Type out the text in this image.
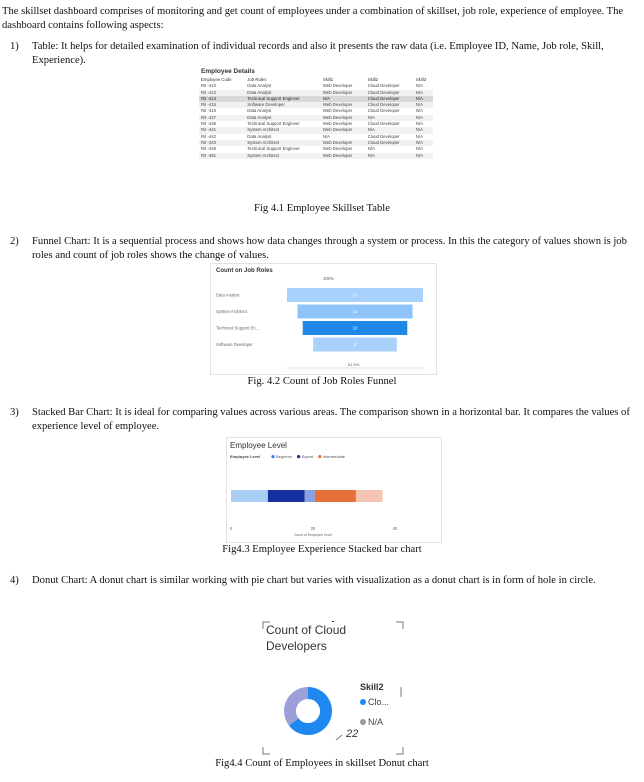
The skillset dashboard comprises of monitoring and get count of employees under a combination of skillset, job role, experience of employee. The dashboard contains following aspects:
1) Table: It helps for detailed examination of individual records and also it presents the raw data (i.e. Employee ID, Name, Job role, Skill, Experience).
Employee Details
Employee Code	Job Roles	Skill1	Skill2	Skill3
Rit -410	Data Analyst	Web Developer	Cloud Developer	N/A
Rit -412	Data Analyst	Web Developer	Cloud Developer	N/A
Rit -413	Technical Support Engineer	N/A	Cloud Developer	N/A
Rit -415	Software Developer	Web Developer	Cloud Developer	N/A
Rit -419	Data Analyst	Web Developer	Cloud Developer	N/A
Rit -427	Data Analyst	Web Developer	N/A	N/A
Rit -436	Technical Support Engineer	Web Developer	Cloud Developer	N/A
Rit -441	System Architect	Web Developer	N/A	N/A
Rit -442	Data Analyst	N/A	Cloud Developer	N/A
Rit -443	System Architect	Web Developer	Cloud Developer	N/A
Rit -448	Technical Support Engineer	Web Developer	N/A	N/A
Rit -451	System Architect	Web Developer	N/A	N/A
Fig 4.1 Employee Skillset Table
2) Funnel Chart: It is a sequential process and shows how data changes through a system or process. In this the category of values shown is job roles and count of job roles shows the change of values.
Count on Job Roles
100%
13
Data Analyst
11
System Architect
10
Technical Support En...
8
Software Developer
61.5%
Fig. 4.2 Count of Job Roles Funnel
3) Stacked Bar Chart: It is ideal for comparing values across various areas. The comparison shown in a horizontal bar. It compares the values of experience level of employee.
Employee Level
Employee Level	Beginner Expert Intermediate
0	20	40
Count of Employee Level
Fig4.3 Employee Experience Stacked bar chart
4) Donut Chart: A donut chart is similar working with pie chart but varies with visualization as a donut chart is in form of hole in circle.
Count of Cloud
Developers
22
Skill2
Clo...
N/A
Fig4.4 Count of Employees in skillset Donut chart
